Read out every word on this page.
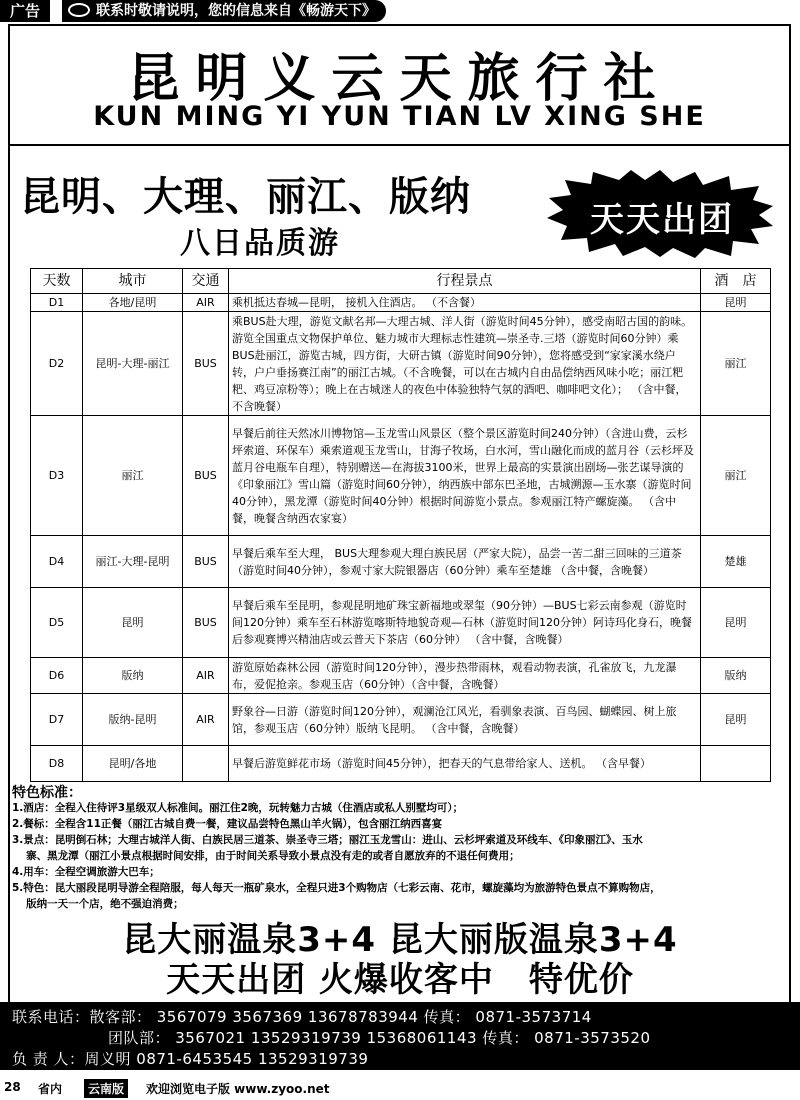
广告	联系时敬请说明，您的信息来自《畅游天下》
昆明义云天旅行社
KUN MING YI YUN TIAN LV XING SHE
昆明、大理、丽江、版纳
八日品质游
天天出团
天数	城市	交通	行程景点	酒　店
D1	各地/昆明	AIR	乘机抵达春城—昆明， 接机入住酒店。 （不含餐）	昆明
D2	昆明-大理-丽江	BUS	乘BUS赴大理，游览文献名邦—大理古城、洋人街（游览时间45分钟），感受南昭古国的韵味。游览全国重点文物保护单位、魅力城市大理标志性建筑—崇圣寺.三塔（游览时间60分钟）乘BUS赴丽江，游览古城，四方街，大研古镇（游览时间90分钟），您将感受到“家家溪水绕户转，户户垂扬赛江南”的丽江古城。（不含晚餐，可以在古城内自由品偿纳西风味小吃；丽江粑粑、鸡豆凉粉等）；晚上在古城迷人的夜色中体验独特气氛的酒吧、咖啡吧文化）； （含中餐，不含晚餐）	丽江
D3	丽江	BUS	早餐后前往天然冰川博物馆—玉龙雪山风景区（整个景区游览时间240分钟）（含进山费，云杉坪索道、环保车）乘索道观玉龙雪山，甘海子牧场，白水河，雪山融化而成的蓝月谷（云杉坪及蓝月谷电瓶车自理），特别赠送—在海拔3100米，世界上最高的实景演出剧场—张艺谋导演的《印象丽江》雪山篇（游览时间60分钟），纳西族中部东巴圣地，古城溯源—玉水寨（游览时间40分钟），黑龙潭（游览时间40分钟）根据时间游览小景点。参观丽江特产螺旋藻。 （含中餐，晚餐含纳西农家宴）	丽江
D4	丽江-大理-昆明	BUS	早餐后乘车至大理， BUS大理参观大理白族民居（严家大院），品尝一苦二甜三回味的三道茶（游览时间40分钟），参观寸家大院银器店（60分钟）乘车至楚雄 （含中餐，含晚餐）	楚雄
D5	昆明	BUS	早餐后乘车至昆明，参观昆明地矿珠宝新福地或翠玺（90分钟）—BUS七彩云南参观（游览时间120分钟）乘车至石林游览喀斯特地貌奇观—石林（游览时间120分钟）阿诗玛化身石，晚餐后参观赛博兴精油店或云普天下茶店（60分钟） （含中餐，含晚餐）	昆明
D6	版纳	AIR	游览原始森林公园（游览时间120分钟），漫步热带雨林，观看动物表演，孔雀放飞，九龙瀑布，爱伲抢亲。参观玉店（60分钟）（含中餐，含晚餐）	版纳
D7	版纳-昆明	AIR	野象谷—日游（游览时间120分钟），观澜沧江风光，看驯象表演、百鸟园、蝴蝶园、树上旅馆，参观玉店（60分钟）版纳飞昆明。 （含中餐，含晚餐）	昆明
D8	昆明/各地		早餐后游览鲜花市场（游览时间45分钟），把春天的气息带给家人、送机。 （含早餐）	
特色标准：
1.酒店：全程入住待评3星级双人标准间。丽江住2晚，玩转魅力古城（住酒店或私人别墅均可）；
2.餐标：全程含11正餐（丽江古城自费一餐，建议品尝特色黑山羊火锅），包含丽江纳西喜宴
3.景点：昆明倒石林；大理古城洋人街、白族民居三道茶、崇圣寺三塔；丽江玉龙雪山：进山、云杉坪索道及环线车、《印象丽江》、玉水
　 寨、黑龙潭（丽江小景点根据时间安排，由于时间关系导致小景点没有走的或者自愿放弃的不退任何费用；
4.用车：全程空调旅游大巴车；
5.特色：昆大丽段昆明导游全程陪服，每人每天一瓶矿泉水，全程只进3个购物店（七彩云南、花市，螺旋藻均为旅游特色景点不算购物店，
　 版纳一天一个店，绝不强迫消费；
昆大丽温泉3+4 昆大丽版温泉3+4
天天出团 火爆收客中　特优价
联系电话：散客部： 3567079 3567369 13678783944 传真： 0871-3573714
团队部： 3567021 13529319739 15368061143 传真： 0871-3573520
负 责 人：周义明 0871-6453545 13529319739
28 省内	云南版	欢迎浏览电子版 www.zyoo.net
